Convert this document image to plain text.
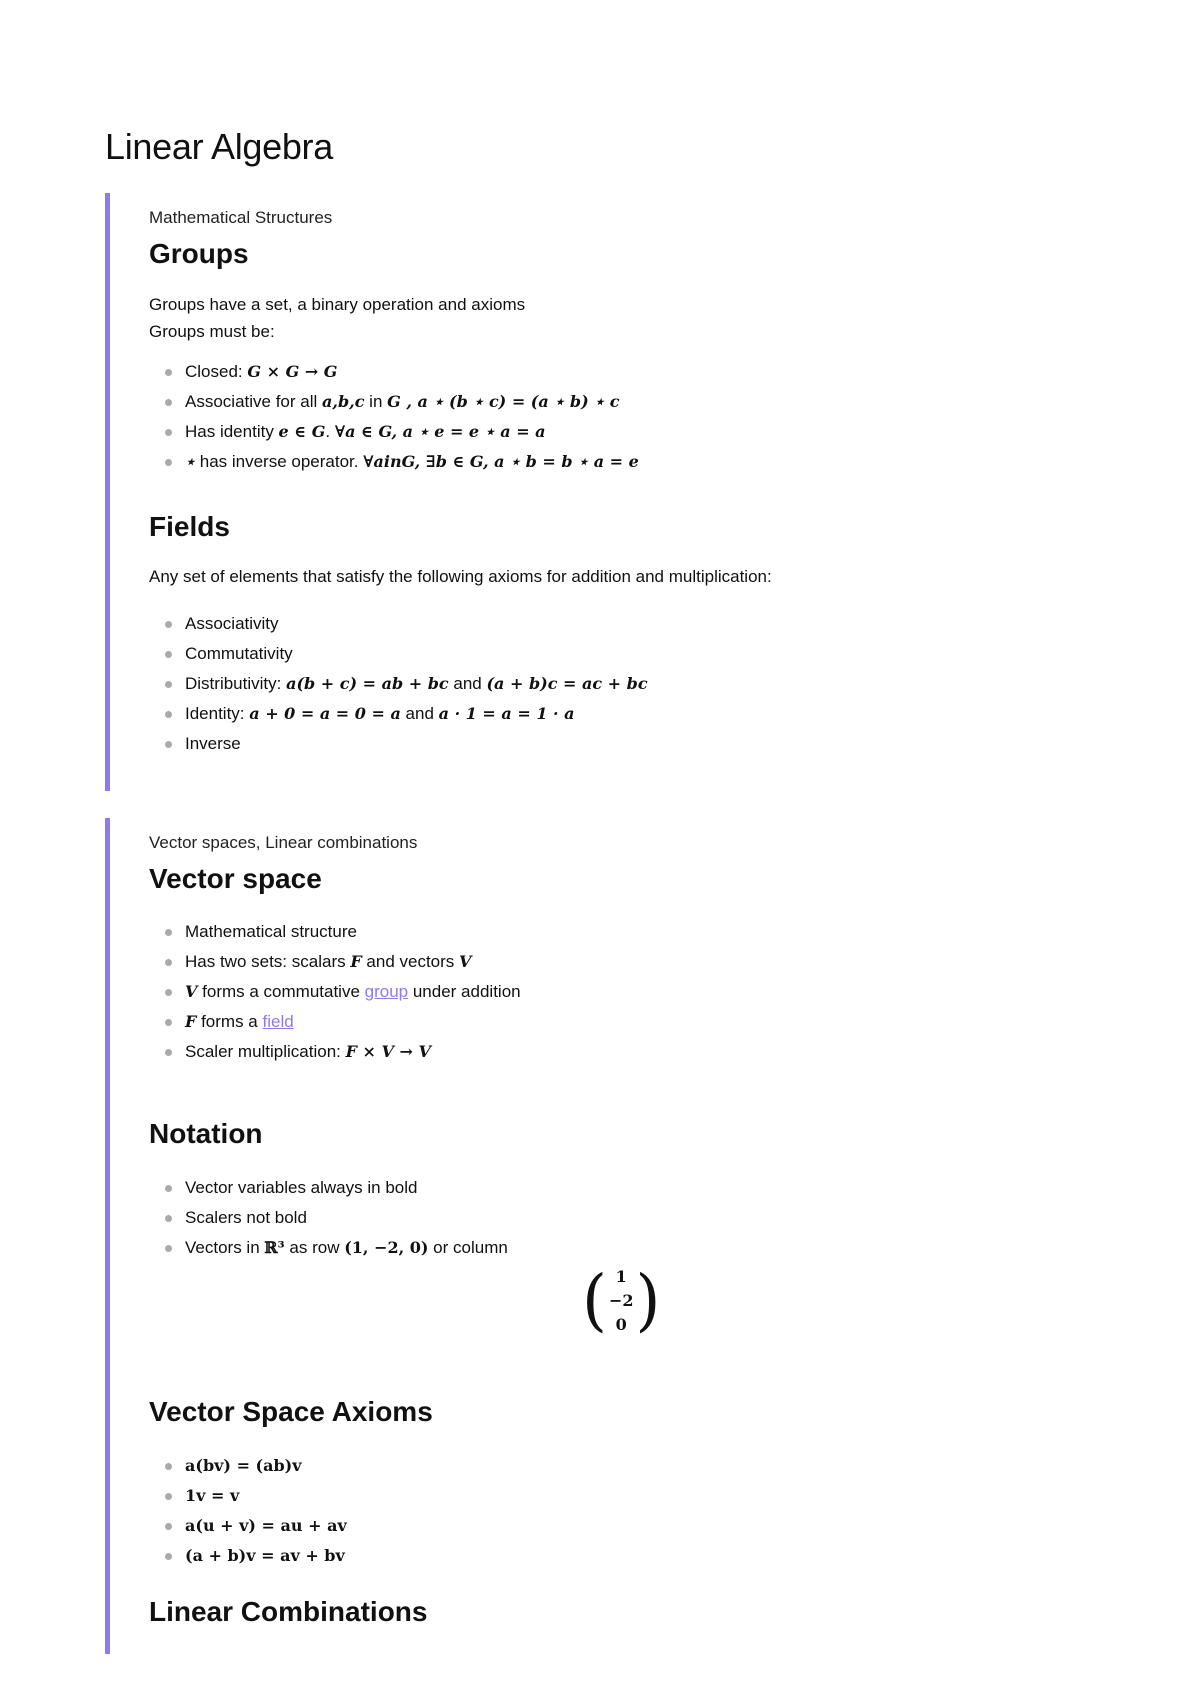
Linear Algebra
Mathematical Structures
Groups

Groups have a set, a binary operation and axioms

Groups must be:

Closed: G × G → G
Associative for all a,b,c in G , a ⋆ (b ⋆ c) = (a ⋆ b) ⋆ c
Has identity e ∈ G. ∀a ∈ G, a ⋆ e = e ⋆ a = a
⋆ has inverse operator. ∀ainG, ∃b ∈ G, a ⋆ b = b ⋆ a = e
Fields

Any set of elements that satisfy the following axioms for addition and multiplication:

Associativity
Commutativity
Distributivity: a(b + c) = ab + bc and (a + b)c = ac + bc
Identity: a + 0 = a = 0 = a and a · 1 = a = 1 · a
Inverse
Vector spaces, Linear combinations
Vector space
Mathematical structure
Has two sets: scalars F and vectors V
V forms a commutative group under addition
F forms a field
Scaler multiplication: F × V → V
Notation
Vector variables always in bold
Scalers not bold
Vectors in ℝ³ as row (1, −2, 0) or column
( 1
−2
0 )
Vector Space Axioms
a(bv) = (ab)v
1v = v
a(u + v) = au + av
(a + b)v = av + bv
Linear Combinations
